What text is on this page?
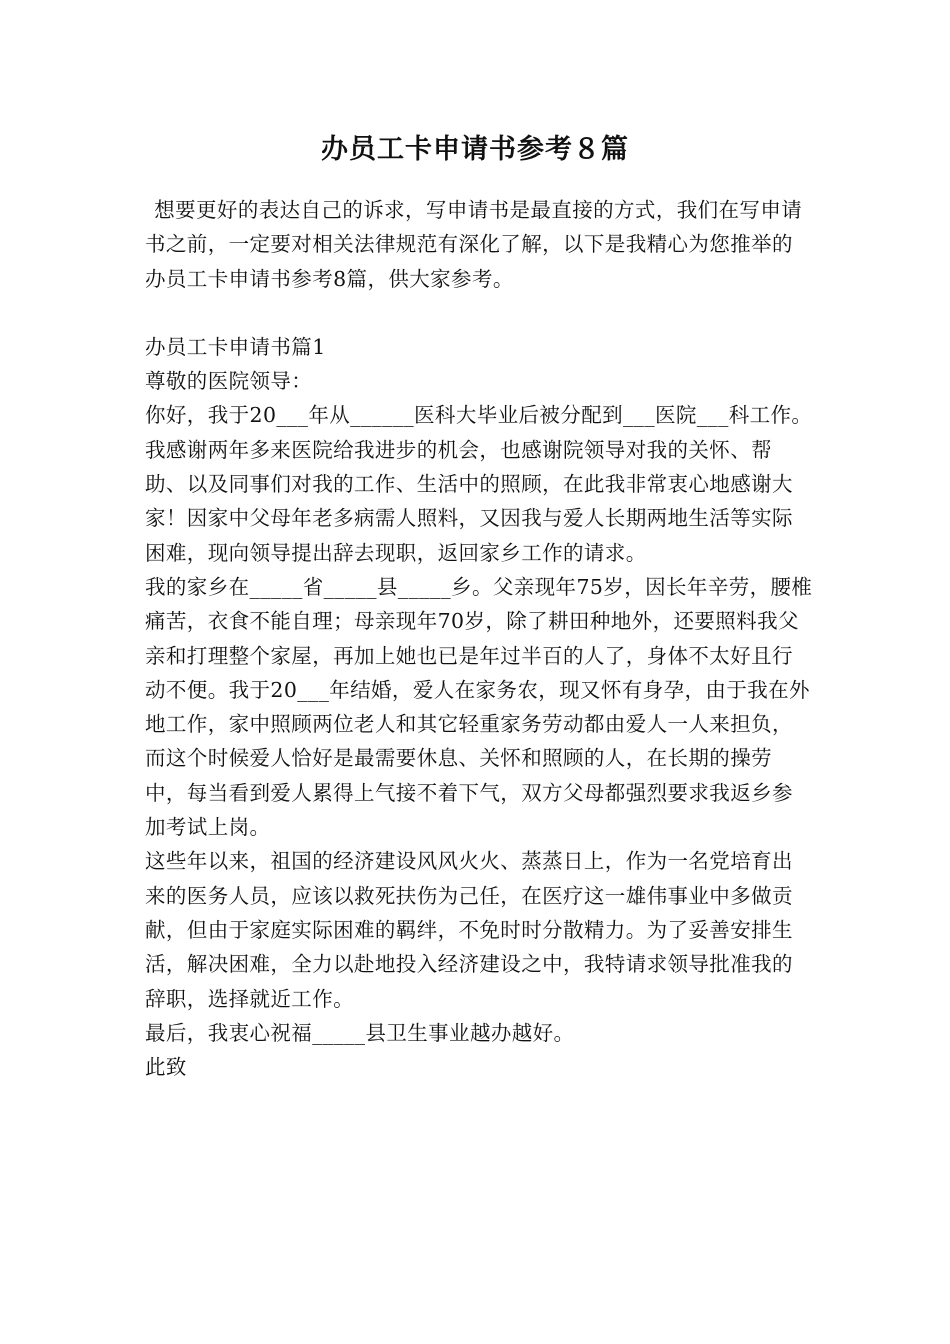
办员工卡申请书参考８篇

想要更好的表达自己的诉求，写申请书是最直接的方式，我们在写申请书之前，一定要对相关法律规范有深化了解，以下是我精心为您推举的办员工卡申请书参考8篇，供大家参考。

办员工卡申请书篇1

尊敬的医院领导：

你好，我于20___年从______医科大毕业后被分配到___医院___科工作。我感谢两年多来医院给我进步的机会，也感谢院领导对我的关怀、帮助、以及同事们对我的工作、生活中的照顾，在此我非常衷心地感谢大家！因家中父母年老多病需人照料，又因我与爱人长期两地生活等实际困难，现向领导提出辞去现职，返回家乡工作的请求。

我的家乡在_____省_____县_____乡。父亲现年75岁，因长年辛劳，腰椎痛苦，衣食不能自理；母亲现年70岁，除了耕田种地外，还要照料我父亲和打理整个家屋，再加上她也已是年过半百的人了，身体不太好且行动不便。我于20___年结婚，爱人在家务农，现又怀有身孕，由于我在外地工作，家中照顾两位老人和其它轻重家务劳动都由爱人一人来担负，而这个时候爱人恰好是最需要休息、关怀和照顾的人，在长期的操劳中，每当看到爱人累得上气接不着下气，双方父母都强烈要求我返乡参加考试上岗。

这些年以来，祖国的经济建设风风火火、蒸蒸日上，作为一名党培育出来的医务人员，应该以救死扶伤为己任，在医疗这一雄伟事业中多做贡献，但由于家庭实际困难的羁绊，不免时时分散精力。为了妥善安排生活，解决困难，全力以赴地投入经济建设之中，我特请求领导批准我的辞职，选择就近工作。

最后，我衷心祝福_____县卫生事业越办越好。

此致
